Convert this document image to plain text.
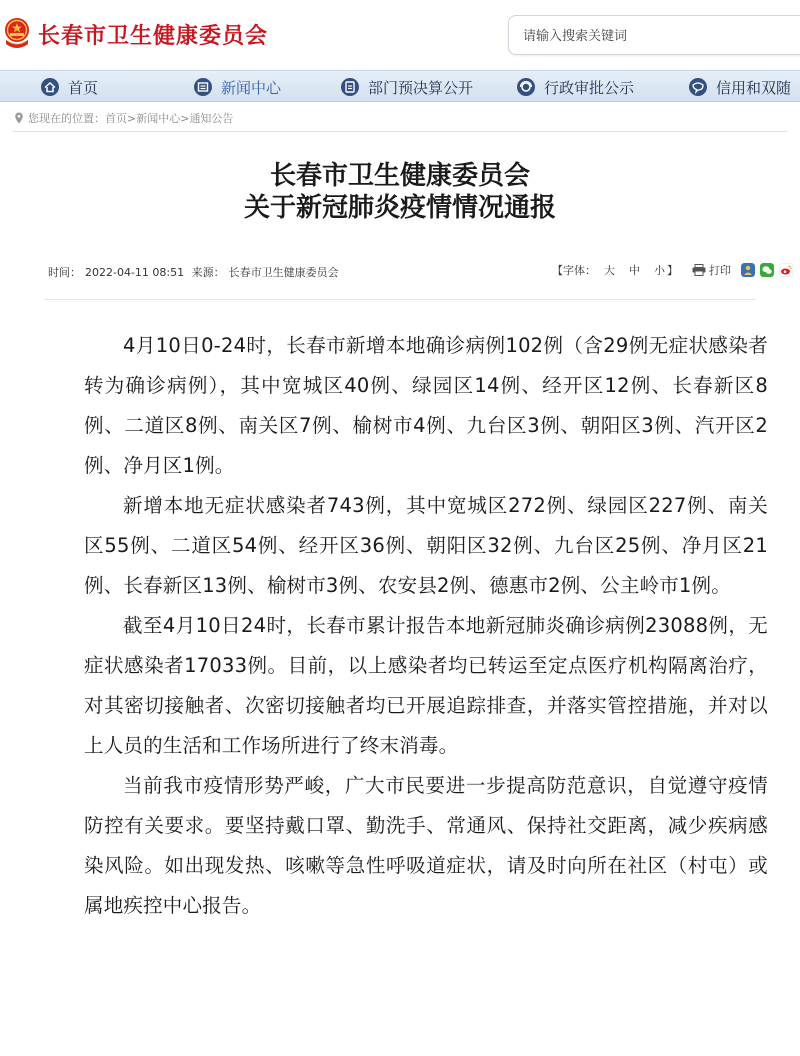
长春市卫生健康委员会
请输入搜索关键词
首页	新闻中心	部门预决算公开	行政审批公示	信用和双随
您现在的位置： 首页 > 新闻中心 > 通知公告
长春市卫生健康委员会
关于新冠肺炎疫情情况通报
时间： 2022-04-11 08:51 来源： 长春市卫生健康委员会	【字体： 大 中 小 】	打印

4月10日0-24时，长春市新增本地确诊病例102例（含29例无症状感染者转为确诊病例），其中宽城区40例、绿园区14例、经开区12例、长春新区8例、二道区8例、南关区7例、榆树市4例、九台区3例、朝阳区3例、汽开区2例、净月区1例。

新增本地无症状感染者743例，其中宽城区272例、绿园区227例、南关区55例、二道区54例、经开区36例、朝阳区32例、九台区25例、净月区21例、长春新区13例、榆树市3例、农安县2例、德惠市2例、公主岭市1例。

截至4月10日24时，长春市累计报告本地新冠肺炎确诊病例23088例，无症状感染者17033例。目前，以上感染者均已转运至定点医疗机构隔离治疗，对其密切接触者、次密切接触者均已开展追踪排查，并落实管控措施，并对以上人员的生活和工作场所进行了终末消毒。

当前我市疫情形势严峻，广大市民要进一步提高防范意识，自觉遵守疫情防控有关要求。要坚持戴口罩、勤洗手、常通风、保持社交距离，减少疾病感染风险。如出现发热、咳嗽等急性呼吸道症状，请及时向所在社区（村屯）或属地疾控中心报告。
